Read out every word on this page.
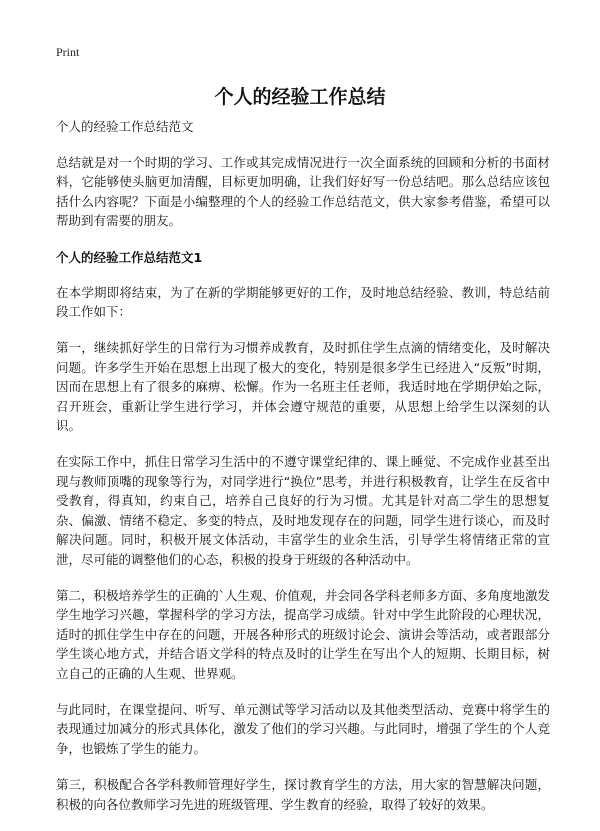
Print
个人的经验工作总结
个人的经验工作总结范文

总结就是对一个时期的学习、工作或其完成情况进行一次全面系统的回顾和分析的书面材料，它能够使头脑更加清醒，目标更加明确，让我们好好写一份总结吧。那么总结应该包括什么内容呢？下面是小编整理的个人的经验工作总结范文，供大家参考借鉴，希望可以帮助到有需要的朋友。

个人的经验工作总结范文1

在本学期即将结束，为了在新的学期能够更好的工作，及时地总结经验、教训，特总结前段工作如下：

第一，继续抓好学生的日常行为习惯养成教育，及时抓住学生点滴的情绪变化，及时解决问题。许多学生开始在思想上出现了极大的变化，特别是很多学生已经进入“反叛”时期，因而在思想上有了很多的麻痹、松懈。作为一名班主任老师，我适时地在学期伊始之际，召开班会，重新让学生进行学习，并体会遵守规范的重要，从思想上给学生以深刻的认识。

在实际工作中，抓住日常学习生活中的不遵守课堂纪律的、课上睡觉、不完成作业甚至出现与教师顶嘴的现象等行为，对同学进行“换位”思考，并进行积极教育，让学生在反省中受教育，得真知，约束自己，培养自己良好的行为习惯。尤其是针对高二学生的思想复杂、偏激、情绪不稳定、多变的特点，及时地发现存在的问题，同学生进行谈心，而及时解决问题。同时，积极开展文体活动，丰富学生的业余生活，引导学生将情绪正常的宣泄，尽可能的调整他们的心态，积极的投身于班级的各种活动中。

第二，积极培养学生的正确的`人生观、价值观，并会同各学科老师多方面、多角度地激发学生地学习兴趣，掌握科学的学习方法，提高学习成绩。针对中学生此阶段的心理状况，适时的抓住学生中存在的问题，开展各种形式的班级讨论会、演讲会等活动，或者跟部分学生谈心地方式，并结合语文学科的特点及时的让学生在写出个人的短期、长期目标，树立自己的正确的人生观、世界观。

与此同时，在课堂提问、听写、单元测试等学习活动以及其他类型活动、竞赛中将学生的表现通过加减分的形式具体化，激发了他们的学习兴趣。与此同时，增强了学生的个人竞争，也锻炼了学生的能力。

第三，积极配合各学科教师管理好学生，探讨教育学生的方法，用大家的智慧解决问题，积极的向各位教师学习先进的班级管理、学生教育的经验，取得了较好的效果。
